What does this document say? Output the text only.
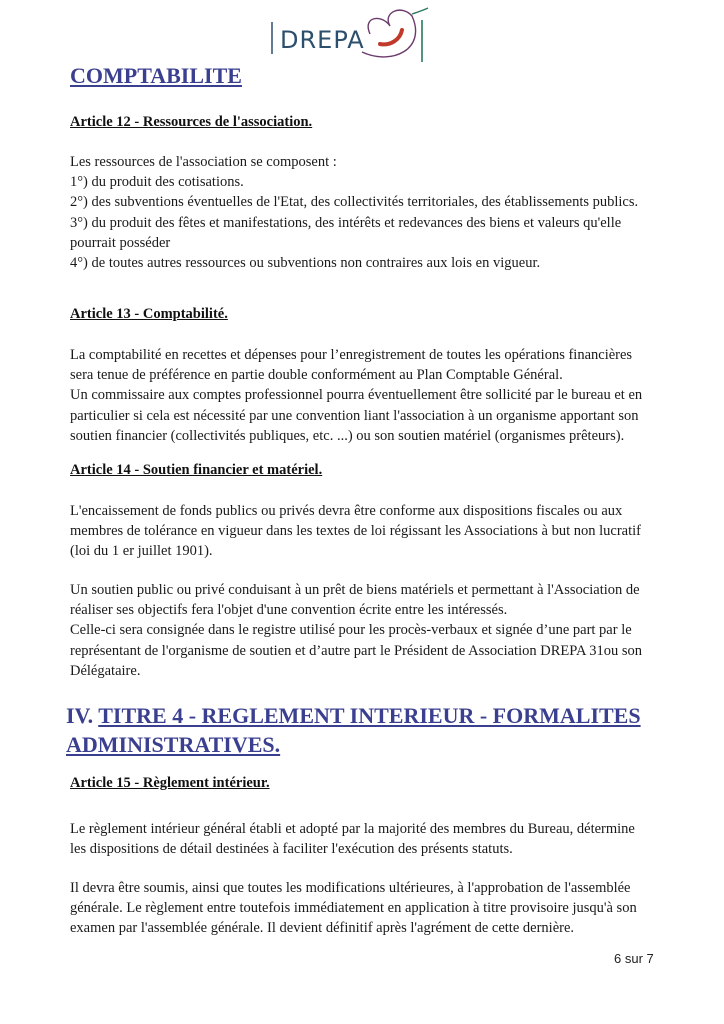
DREPA
COMPTABILITE
Article 12 - Ressources de l'association.
Les ressources de l'association se composent :
1°) du produit des cotisations.
2°) des subventions éventuelles de l'Etat, des collectivités territoriales, des établissements publics.
3°) du produit des fêtes et manifestations, des intérêts et redevances des biens et valeurs qu'elle
pourrait posséder
4°) de toutes autres ressources ou subventions non contraires aux lois en vigueur.
Article 13 - Comptabilité.
La comptabilité en recettes et dépenses pour l’enregistrement de toutes les opérations financières
sera tenue de préférence en partie double conformément au Plan Comptable Général.
Un commissaire aux comptes professionnel pourra éventuellement être sollicité par le bureau et en
particulier si cela est nécessité par une convention liant l'association à un organisme apportant son
soutien financier (collectivités publiques, etc. ...) ou son soutien matériel (organismes prêteurs).
Article 14 - Soutien financier et matériel.
L'encaissement de fonds publics ou privés devra être conforme aux dispositions fiscales ou aux
membres de tolérance en vigueur dans les textes de loi régissant les Associations à but non lucratif
(loi du 1 er juillet 1901).
Un soutien public ou privé conduisant à un prêt de biens matériels et permettant à l'Association de
réaliser ses objectifs fera l'objet d'une convention écrite entre les intéressés.
Celle-ci sera consignée dans le registre utilisé pour les procès-verbaux et signée d’une part par le
représentant de l'organisme de soutien et d’autre part le Président de Association DREPA 31ou son
Délégataire.
IV. TITRE 4 - REGLEMENT INTERIEUR - FORMALITES
ADMINISTRATIVES.
Article 15 - Règlement intérieur.
Le règlement intérieur général établi et adopté par la majorité des membres du Bureau, détermine
les dispositions de détail destinées à faciliter l'exécution des présents statuts.
Il devra être soumis, ainsi que toutes les modifications ultérieures, à l'approbation de l'assemblée
générale. Le règlement entre toutefois immédiatement en application à titre provisoire jusqu'à son
examen par l'assemblée générale. Il devient définitif après l'agrément de cette dernière.
6 sur 7
